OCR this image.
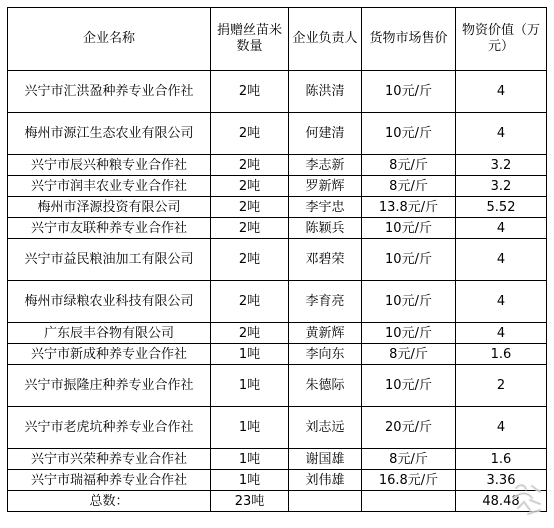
企业名称	捐赠丝苗米数量	企业负责人	货物市场售价	物资价值（万元）
兴宁市汇洪盈种养专业合作社	2吨	陈洪清	10元/斤	4
梅州市源江生态农业有限公司	2吨	何建清	10元/斤	4
兴宁市辰兴种粮专业合作社	2吨	李志新	8元/斤	3.2
兴宁市润丰农业专业合作社	2吨	罗新辉	8元/斤	3.2
梅州市泽源投资有限公司	2吨	李宇忠	13.8元/斤	5.52
兴宁市友联种养专业合作社	2吨	陈颖兵	10元/斤	4
兴宁市益民粮油加工有限公司	2吨	邓碧荣	10元/斤	4
梅州市绿粮农业科技有限公司	2吨	李育亮	10元/斤	4
广东辰丰谷物有限公司	2吨	黄新辉	10元/斤	4
兴宁市新成种养专业合作社	1吨	李向东	8元/斤	1.6
兴宁市振隆庄种养专业合作社	1吨	朱德际	10元/斤	2
兴宁市老虎坑种养专业合作社	1吨	刘志远	20元/斤	4
兴宁市兴荣种养专业合作社	1吨	谢国雄	8元/斤	1.6
兴宁市瑞福种养专业合作社	1吨	刘伟雄	16.8元/斤	3.36
总数：	23吨			48.48
